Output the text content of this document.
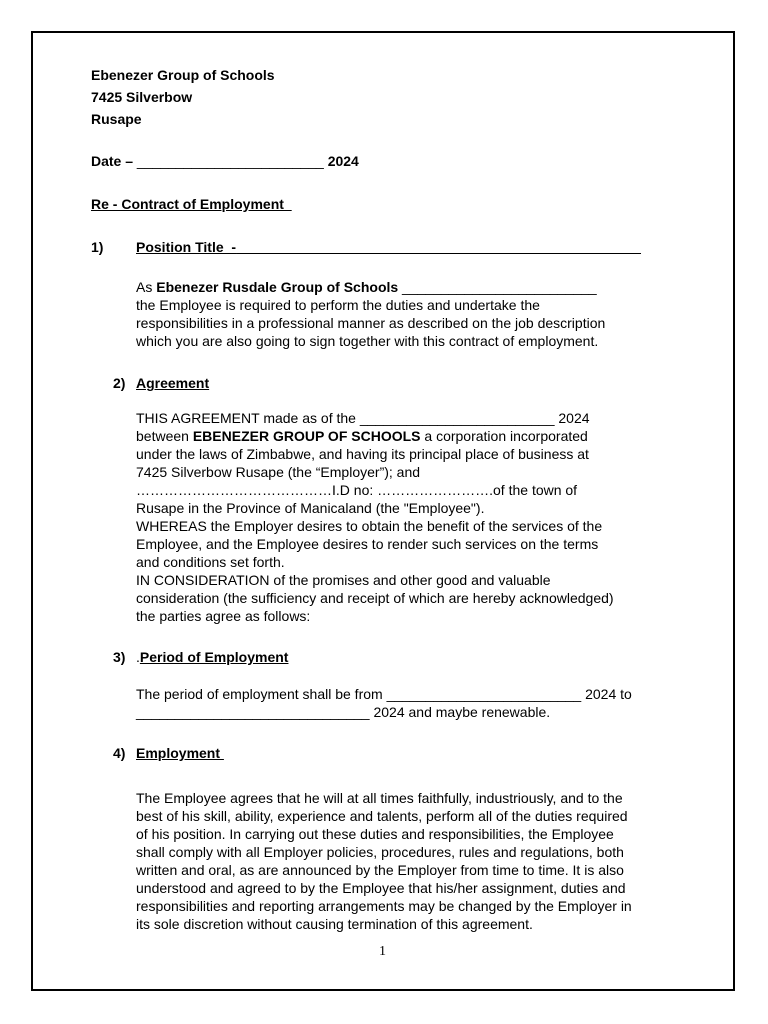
Ebenezer Group of Schools
7425 Silverbow
Rusape
Date – ________________________ 2024
Re - Contract of Employment
1) Position Title  -____________________________________________________
As Ebenezer Rusdale Group of Schools _________________________
the Employee is required to perform the duties and undertake the
responsibilities in a professional manner as described on the job description
which you are also going to sign together with this contract of employment.
2) Agreement
THIS AGREEMENT made as of the _________________________ 2024
between EBENEZER GROUP OF SCHOOLS a corporation incorporated
under the laws of Zimbabwe, and having its principal place of business at
7425 Silverbow Rusape (the “Employer”); and
……………………………………I.D no: …………………….of the town of
Rusape in the Province of Manicaland (the "Employee").
WHEREAS the Employer desires to obtain the benefit of the services of the
Employee, and the Employee desires to render such services on the terms
and conditions set forth.
IN CONSIDERATION of the promises and other good and valuable
consideration (the sufficiency and receipt of which are hereby acknowledged)
the parties agree as follows:
3) .Period of Employment
The period of employment shall be from _________________________ 2024 to
______________________________ 2024 and maybe renewable.
4) Employment
The Employee agrees that he will at all times faithfully, industriously, and to the
best of his skill, ability, experience and talents, perform all of the duties required
of his position. In carrying out these duties and responsibilities, the Employee
shall comply with all Employer policies, procedures, rules and regulations, both
written and oral, as are announced by the Employer from time to time. It is also
understood and agreed to by the Employee that his/her assignment, duties and
responsibilities and reporting arrangements may be changed by the Employer in
its sole discretion without causing termination of this agreement.
1
